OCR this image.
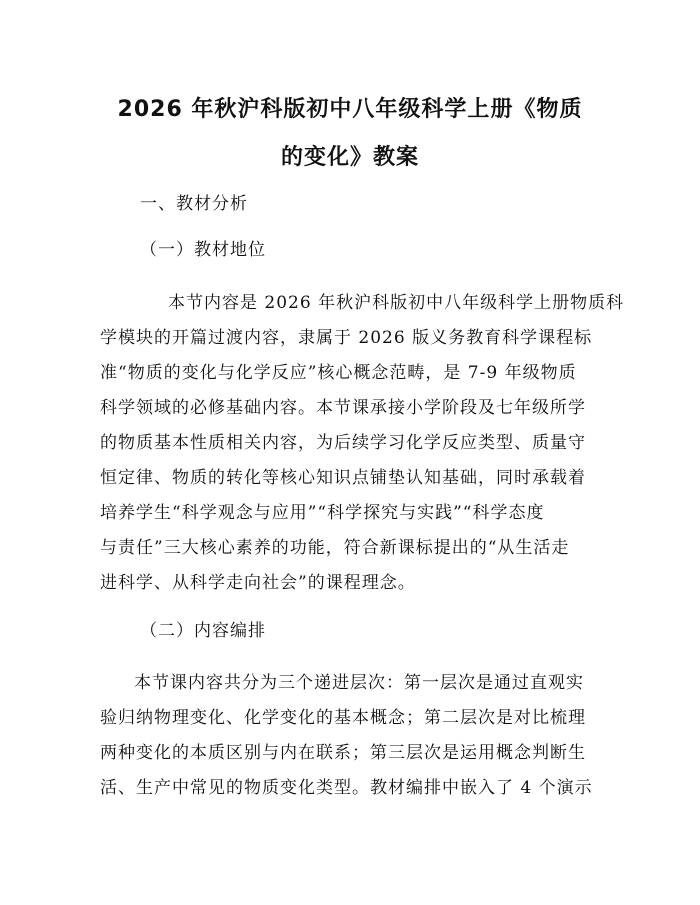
2026 年秋沪科版初中八年级科学上册《物质
的变化》教案

一、教材分析

（一）教材地位

本节内容是 2026 年秋沪科版初中八年级科学上册物质科
学模块的开篇过渡内容，隶属于 2026 版义务教育科学课程标
准“物质的变化与化学反应”核心概念范畴，是 7-9 年级物质
科学领域的必修基础内容。本节课承接小学阶段及七年级所学
的物质基本性质相关内容，为后续学习化学反应类型、质量守
恒定律、物质的转化等核心知识点铺垫认知基础，同时承载着
培养学生“科学观念与应用”“科学探究与实践”“科学态度
与责任”三大核心素养的功能，符合新课标提出的“从生活走
进科学、从科学走向社会”的课程理念。

（二）内容编排

本节课内容共分为三个递进层次：第一层次是通过直观实
验归纳物理变化、化学变化的基本概念；第二层次是对比梳理
两种变化的本质区别与内在联系；第三层次是运用概念判断生
活、生产中常见的物质变化类型。教材编排中嵌入了 4 个演示
